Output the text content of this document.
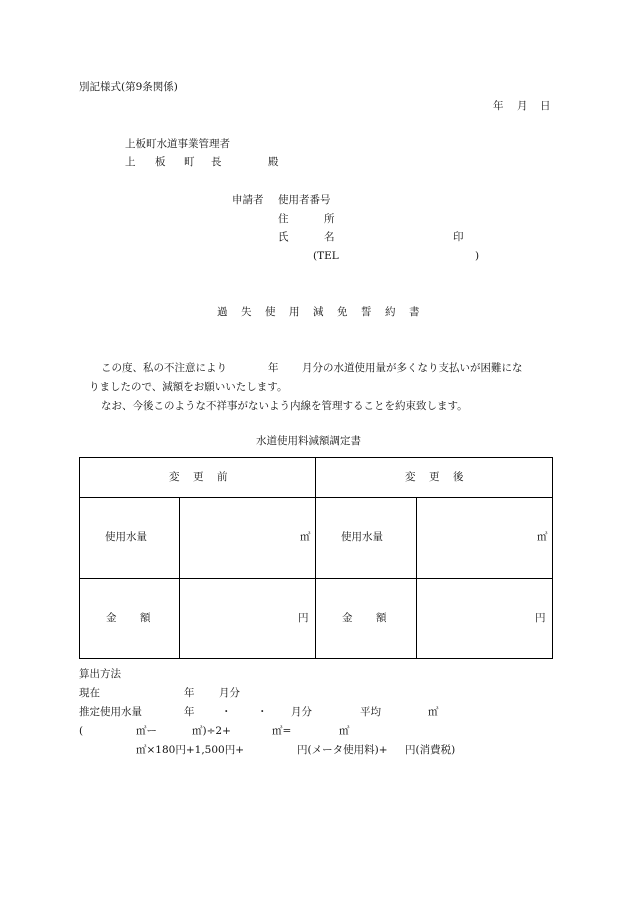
別記様式(第9条関係)
年 月 日
上板町水道事業管理者
上 板 町 長	殿
申請者 使用者番号
住	所
氏	名	印
(TEL	)
過 失 使 用 減 免 誓 約 書
この度、私の不注意により	年 月分の水道使用量が多くなり支払いが困難にな
りましたので、減額をお願いいたします。
なお、今後このような不祥事がないよう内線を管理することを約束致します。
水道使用料減額調定書
変 更 前	変 更 後
使用水量	㎥	使用水量	㎥
金 額	円	金 額	円
算出方法
現在	年 月分
推定使用水量	年	・ ・ 月分	平均	㎥
(	㎥ー	㎥)÷2+	㎥=	㎥
㎥×180円+1,500円+	円(メータ使用料)+ 円(消費税)
